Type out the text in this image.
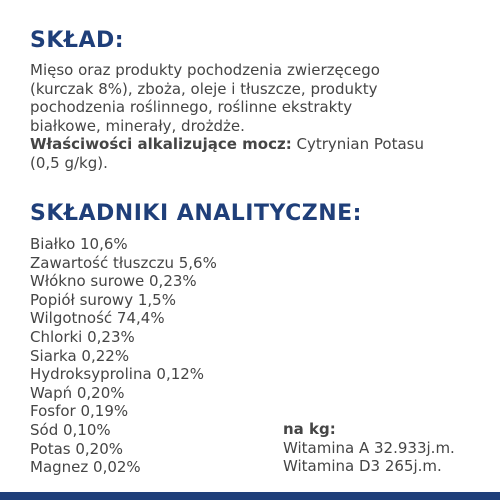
SKŁAD:

Mięso oraz produkty pochodzenia zwierzęcego
(kurczak 8%), zboża, oleje i tłuszcze, produkty
pochodzenia roślinnego, roślinne ekstrakty
białkowe, minerały, drożdże.
Właściwości alkalizujące mocz: Cytrynian Potasu
(0,5 g/kg).

SKŁADNIKI ANALITYCZNE:
Białko 10,6%
Zawartość tłuszczu 5,6%
Włókno surowe 0,23%
Popiół surowy 1,5%
Wilgotność 74,4%
Chlorki 0,23%
Siarka 0,22%
Hydroksyprolina 0,12%
Wapń 0,20%
Fosfor 0,19%
Sód 0,10%
Potas 0,20%
Magnez 0,02%
na kg:
Witamina A 32.933j.m.
Witamina D3 265j.m.
